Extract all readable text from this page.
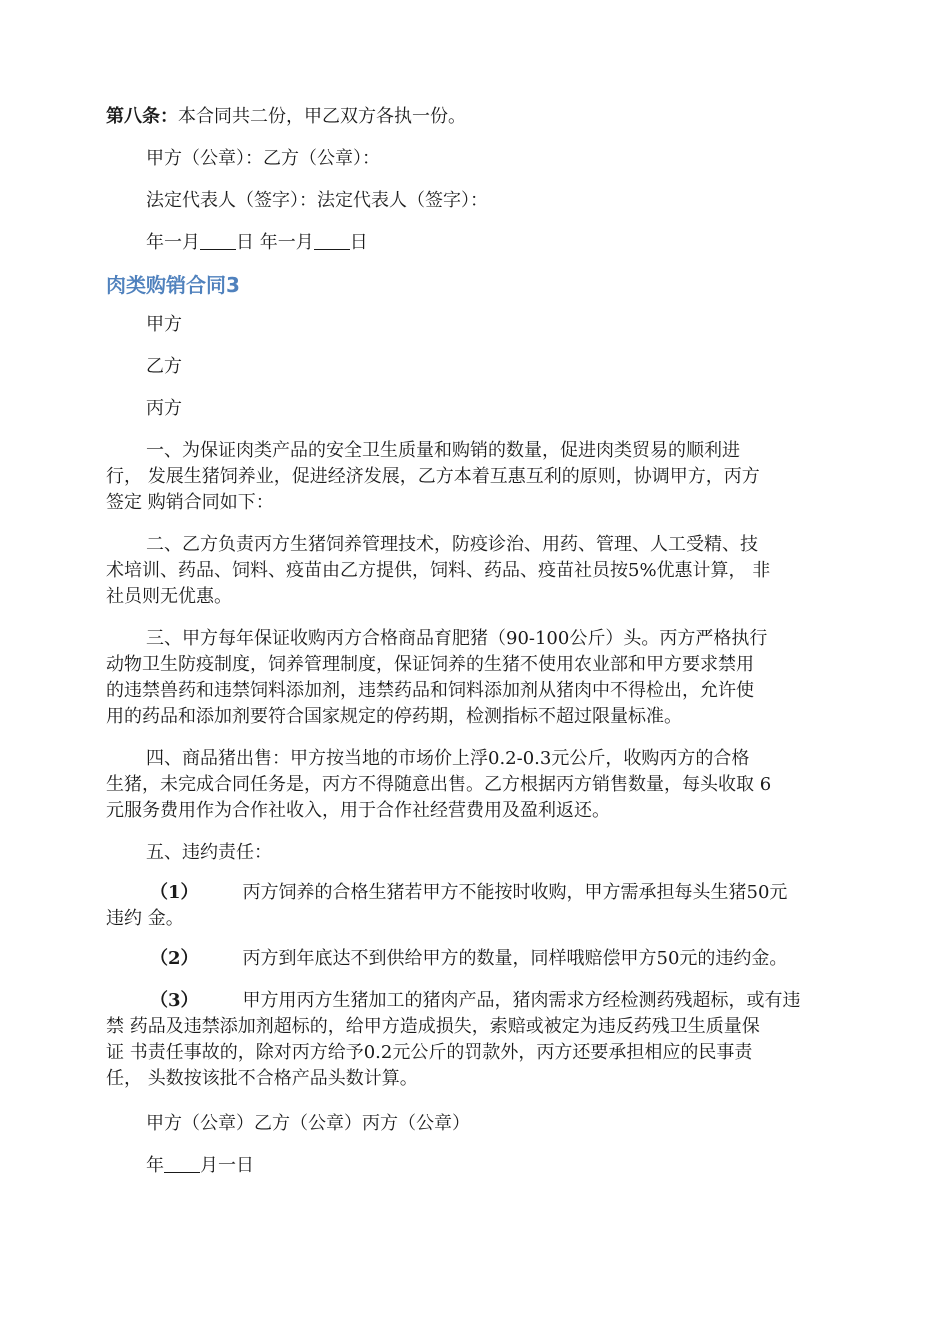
第八条：本合同共二份，甲乙双方各执一份。

甲方（公章）：乙方（公章）：

法定代表人（签字）：法定代表人（签字）：

年一月 日 年一月 日

肉类购销合同3

甲方

乙方

丙方

一、为保证肉类产品的安全卫生质量和购销的数量，促进肉类贸易的顺利进

行， 发展生猪饲养业，促进经济发展，乙方本着互惠互利的原则，协调甲方，丙方

签定 购销合同如下：

二、乙方负责丙方生猪饲养管理技术，防疫诊治、用药、管理、人工受精、技

术培训、药品、饲料、疫苗由乙方提供，饲料、药品、疫苗社员按5%优惠计算， 非

社员则无优惠。

三、甲方每年保证收购丙方合格商品育肥猪（90-100公斤）头。丙方严格执行

动物卫生防疫制度，饲养管理制度，保证饲养的生猪不使用农业部和甲方要求禁用

的违禁兽药和违禁饲料添加剂，违禁药品和饲料添加剂从猪肉中不得检出，允许使

用的药品和添加剂要符合国家规定的停药期，检测指标不超过限量标准。

四、商品猪出售：甲方按当地的市场价上浮0.2-0.3元公斤，收购丙方的合格

生猪，未完成合同任务是，丙方不得随意出售。乙方根据丙方销售数量，每头收取 6

元服务费用作为合作社收入，用于合作社经营费用及盈利返还。

五、违约责任：

（1） 丙方饲养的合格生猪若甲方不能按时收购，甲方需承担每头生猪50元

违约 金。

（2） 丙方到年底达不到供给甲方的数量，同样哦赔偿甲方50元的违约金。

（3） 甲方用丙方生猪加工的猪肉产品，猪肉需求方经检测药残超标，或有违

禁 药品及违禁添加剂超标的，给甲方造成损失，索赔或被定为违反药残卫生质量保

证 书责任事故的，除对丙方给予0.2元公斤的罚款外，丙方还要承担相应的民事责

任， 头数按该批不合格产品头数计算。

甲方（公章）乙方（公章）丙方（公章）

年 月一日
